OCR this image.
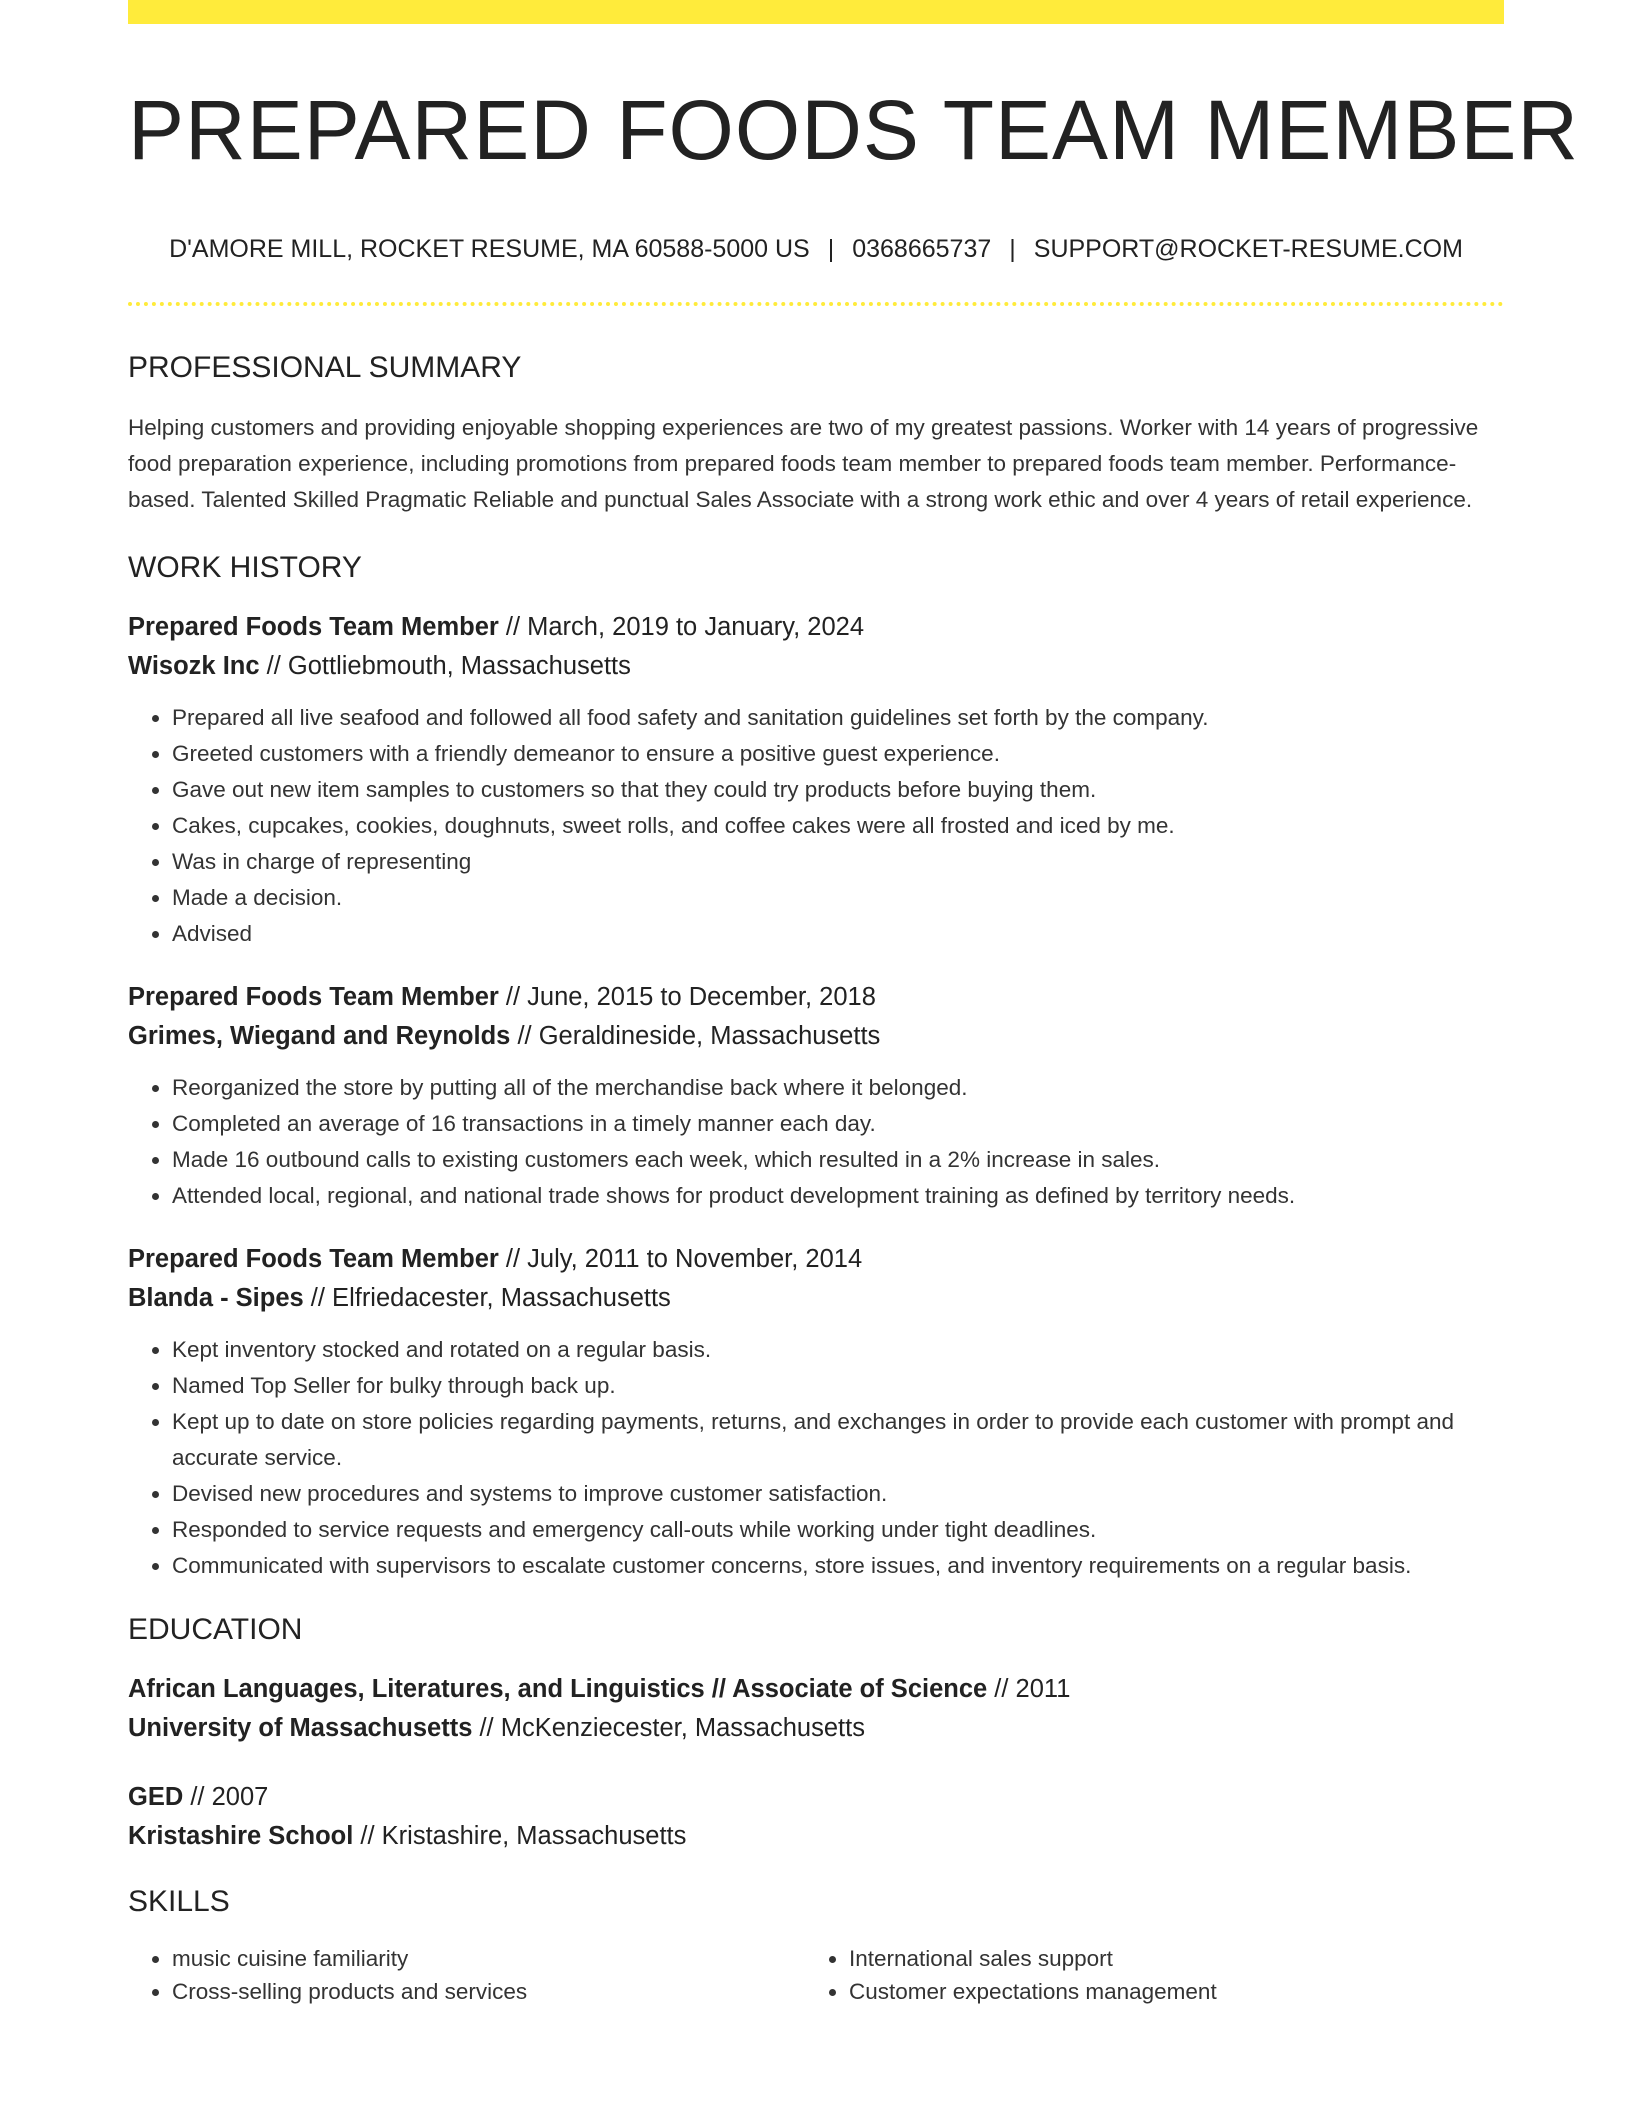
PREPARED FOODS TEAM MEMBER
D'AMORE MILL, ROCKET RESUME, MA 60588-5000 US | 0368665737 | SUPPORT@ROCKET-RESUME.COM
PROFESSIONAL SUMMARY
Helping customers and providing enjoyable shopping experiences are two of my greatest passions. Worker with 14 years of progressive food preparation experience, including promotions from prepared foods team member to prepared foods team member. Performance-based. Talented Skilled Pragmatic Reliable and punctual Sales Associate with a strong work ethic and over 4 years of retail experience.
WORK HISTORY
Prepared Foods Team Member // March, 2019 to January, 2024
Wisozk Inc // Gottliebmouth, Massachusetts
• Prepared all live seafood and followed all food safety and sanitation guidelines set forth by the company.
• Greeted customers with a friendly demeanor to ensure a positive guest experience.
• Gave out new item samples to customers so that they could try products before buying them.
• Cakes, cupcakes, cookies, doughnuts, sweet rolls, and coffee cakes were all frosted and iced by me.
• Was in charge of representing
• Made a decision.
• Advised
Prepared Foods Team Member // June, 2015 to December, 2018
Grimes, Wiegand and Reynolds // Geraldineside, Massachusetts
• Reorganized the store by putting all of the merchandise back where it belonged.
• Completed an average of 16 transactions in a timely manner each day.
• Made 16 outbound calls to existing customers each week, which resulted in a 2% increase in sales.
• Attended local, regional, and national trade shows for product development training as defined by territory needs.
Prepared Foods Team Member // July, 2011 to November, 2014
Blanda - Sipes // Elfriedacester, Massachusetts
• Kept inventory stocked and rotated on a regular basis.
• Named Top Seller for bulky through back up.
• Kept up to date on store policies regarding payments, returns, and exchanges in order to provide each customer with prompt and accurate service.
• Devised new procedures and systems to improve customer satisfaction.
• Responded to service requests and emergency call-outs while working under tight deadlines.
• Communicated with supervisors to escalate customer concerns, store issues, and inventory requirements on a regular basis.
EDUCATION
African Languages, Literatures, and Linguistics // Associate of Science // 2011
University of Massachusetts // McKenziecester, Massachusetts
GED // 2007
Kristashire School // Kristashire, Massachusetts
SKILLS
• music cuisine familiarity
• Cross-selling products and services
• International sales support
• Customer expectations management
